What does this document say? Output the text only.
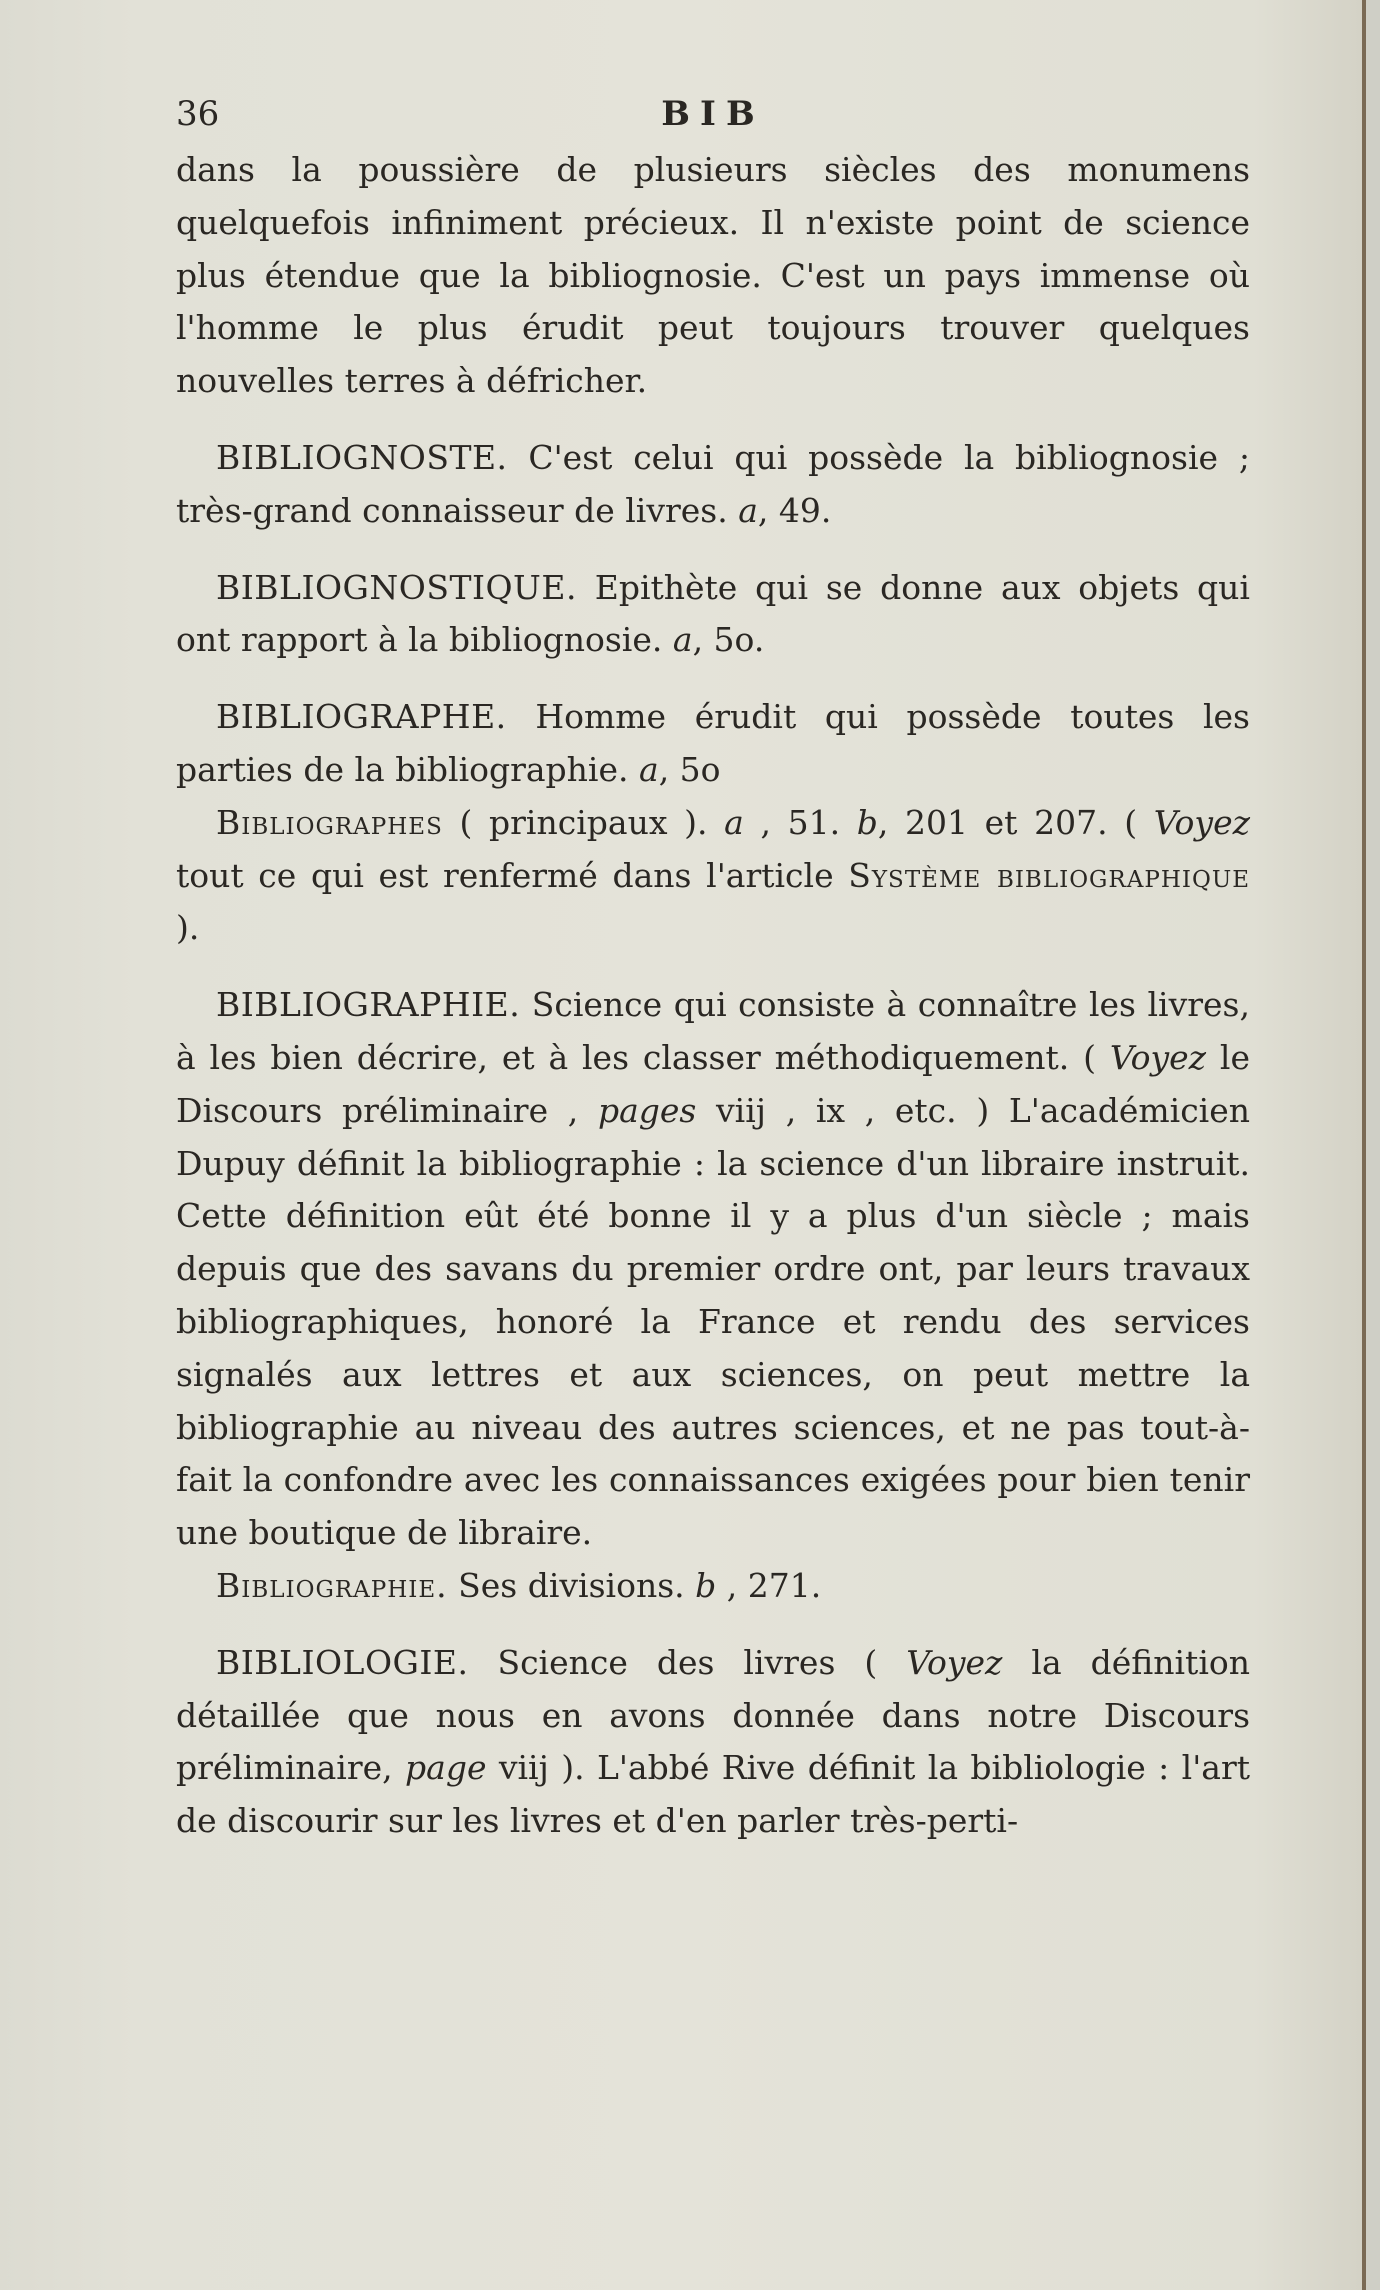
36	BIB

dans la poussière de plusieurs siècles des monumens quelquefois infiniment précieux. Il n'existe point de science plus étendue que la bibliognosie. C'est un pays immense où l'homme le plus érudit peut toujours trouver quelques nouvelles terres à défricher.

BIBLIOGNOSTE. C'est celui qui possède la bibliognosie ; très-grand connaisseur de livres. a, 49.

BIBLIOGNOSTIQUE. Epithète qui se donne aux objets qui ont rapport à la bibliognosie. a, 5o.

BIBLIOGRAPHE. Homme érudit qui possède toutes les parties de la bibliographie. a, 5o

Bibliographes ( principaux ). a , 51. b, 201 et 207. ( Voyez tout ce qui est renfermé dans l'article Système bibliographique ).

BIBLIOGRAPHIE. Science qui consiste à connaître les livres, à les bien décrire, et à les classer méthodiquement. ( Voyez le Discours préliminaire , pages viij , ix , etc. ) L'académicien Dupuy définit la bibliographie : la science d'un libraire instruit. Cette définition eût été bonne il y a plus d'un siècle ; mais depuis que des savans du premier ordre ont, par leurs travaux bibliographiques, honoré la France et rendu des services signalés aux lettres et aux sciences, on peut mettre la bibliographie au niveau des autres sciences, et ne pas tout-à-fait la confondre avec les connaissances exigées pour bien tenir une boutique de libraire.

Bibliographie. Ses divisions. b , 271.

BIBLIOLOGIE. Science des livres ( Voyez la définition détaillée que nous en avons donnée dans notre Discours préliminaire, page viij ). L'abbé Rive définit la bibliologie : l'art de discourir sur les livres et d'en parler très-perti-
